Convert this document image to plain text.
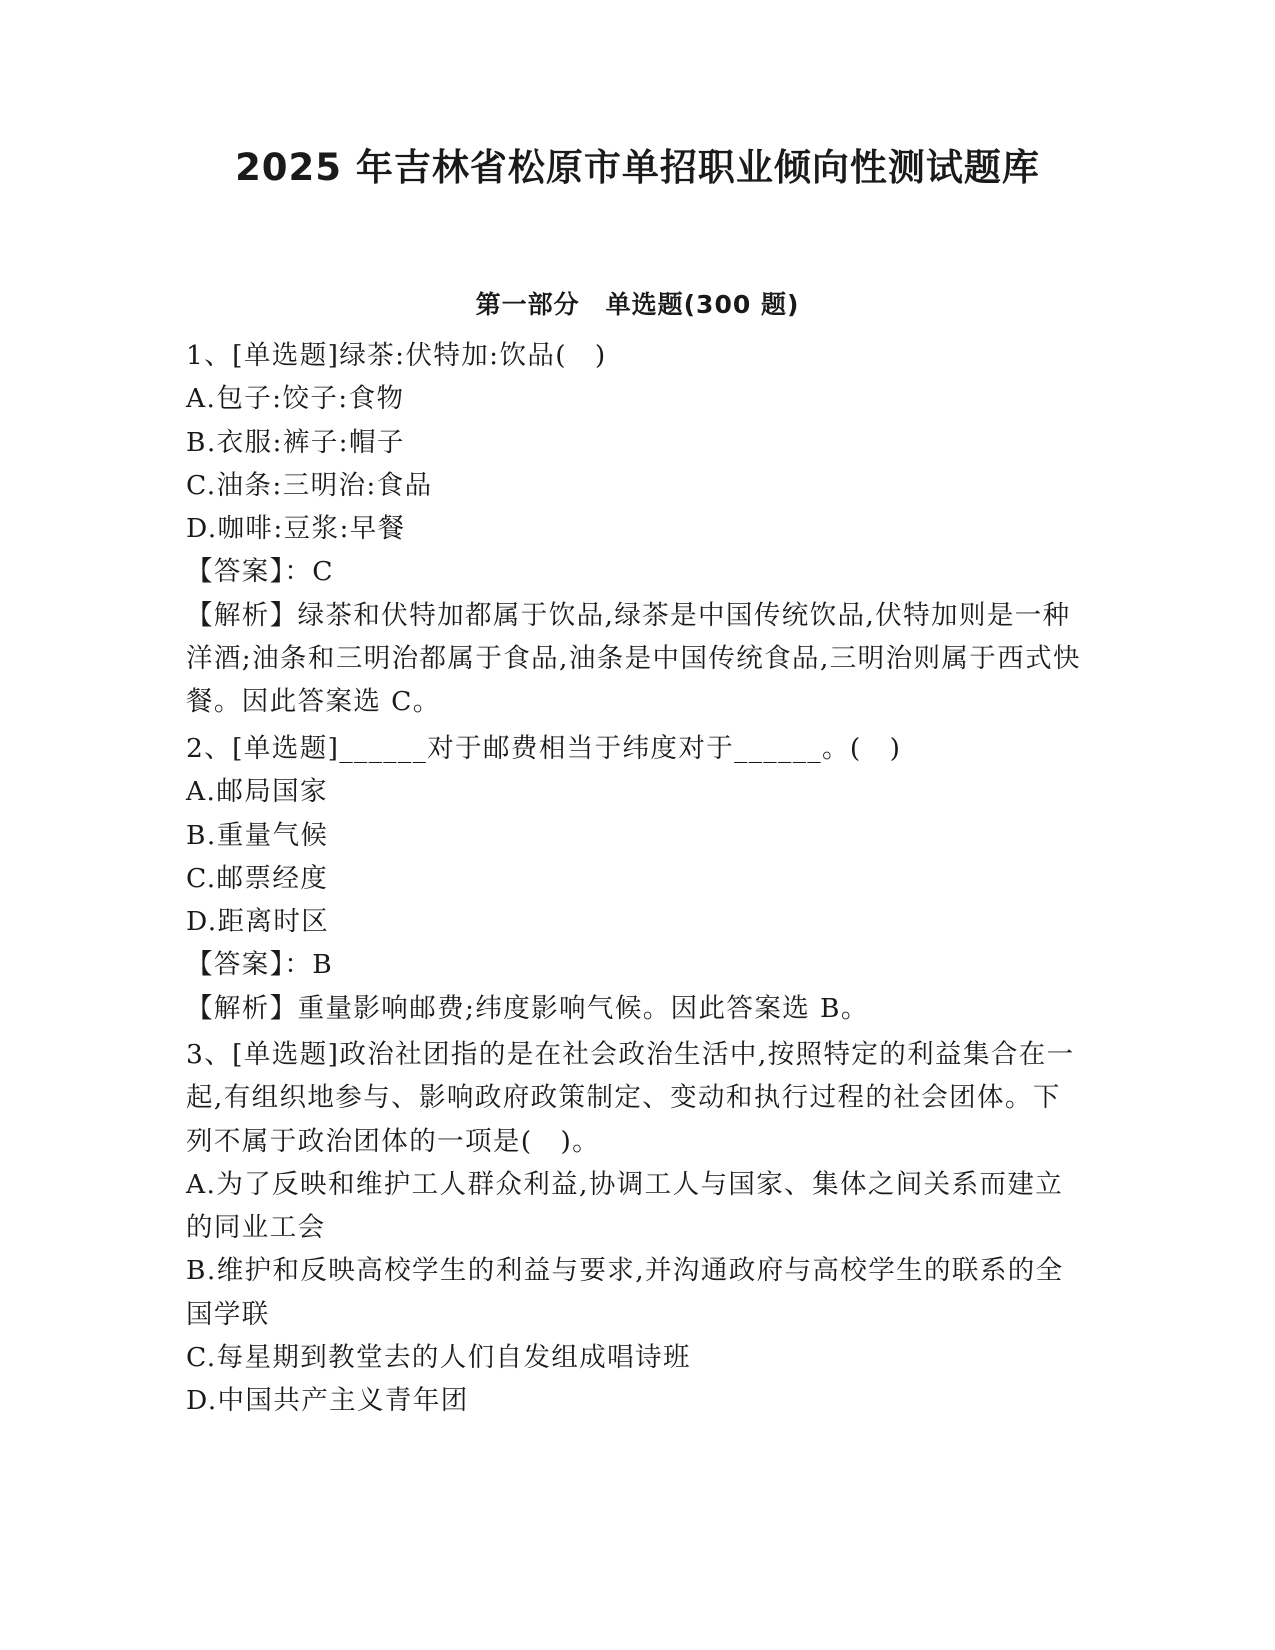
2025 年吉林省松原市单招职业倾向性测试题库
第一部分　单选题(300 题)

1、[单选题]绿茶:伏特加:饮品(　)

A.包子:饺子:食物

B.衣服:裤子:帽子

C.油条:三明治:食品

D.咖啡:豆浆:早餐

【答案】：C

【解析】绿茶和伏特加都属于饮品,绿茶是中国传统饮品,伏特加则是一种洋酒;油条和三明治都属于食品,油条是中国传统食品,三明治则属于西式快餐。因此答案选 C。

2、[单选题]______对于邮费相当于纬度对于______。(　)

A.邮局国家

B.重量气候

C.邮票经度

D.距离时区

【答案】：B

【解析】重量影响邮费;纬度影响气候。因此答案选 B。

3、[单选题]政治社团指的是在社会政治生活中,按照特定的利益集合在一起,有组织地参与、影响政府政策制定、变动和执行过程的社会团体。下列不属于政治团体的一项是(　)。

A.为了反映和维护工人群众利益,协调工人与国家、集体之间关系而建立的同业工会

B.维护和反映高校学生的利益与要求,并沟通政府与高校学生的联系的全国学联

C.每星期到教堂去的人们自发组成唱诗班

D.中国共产主义青年团
